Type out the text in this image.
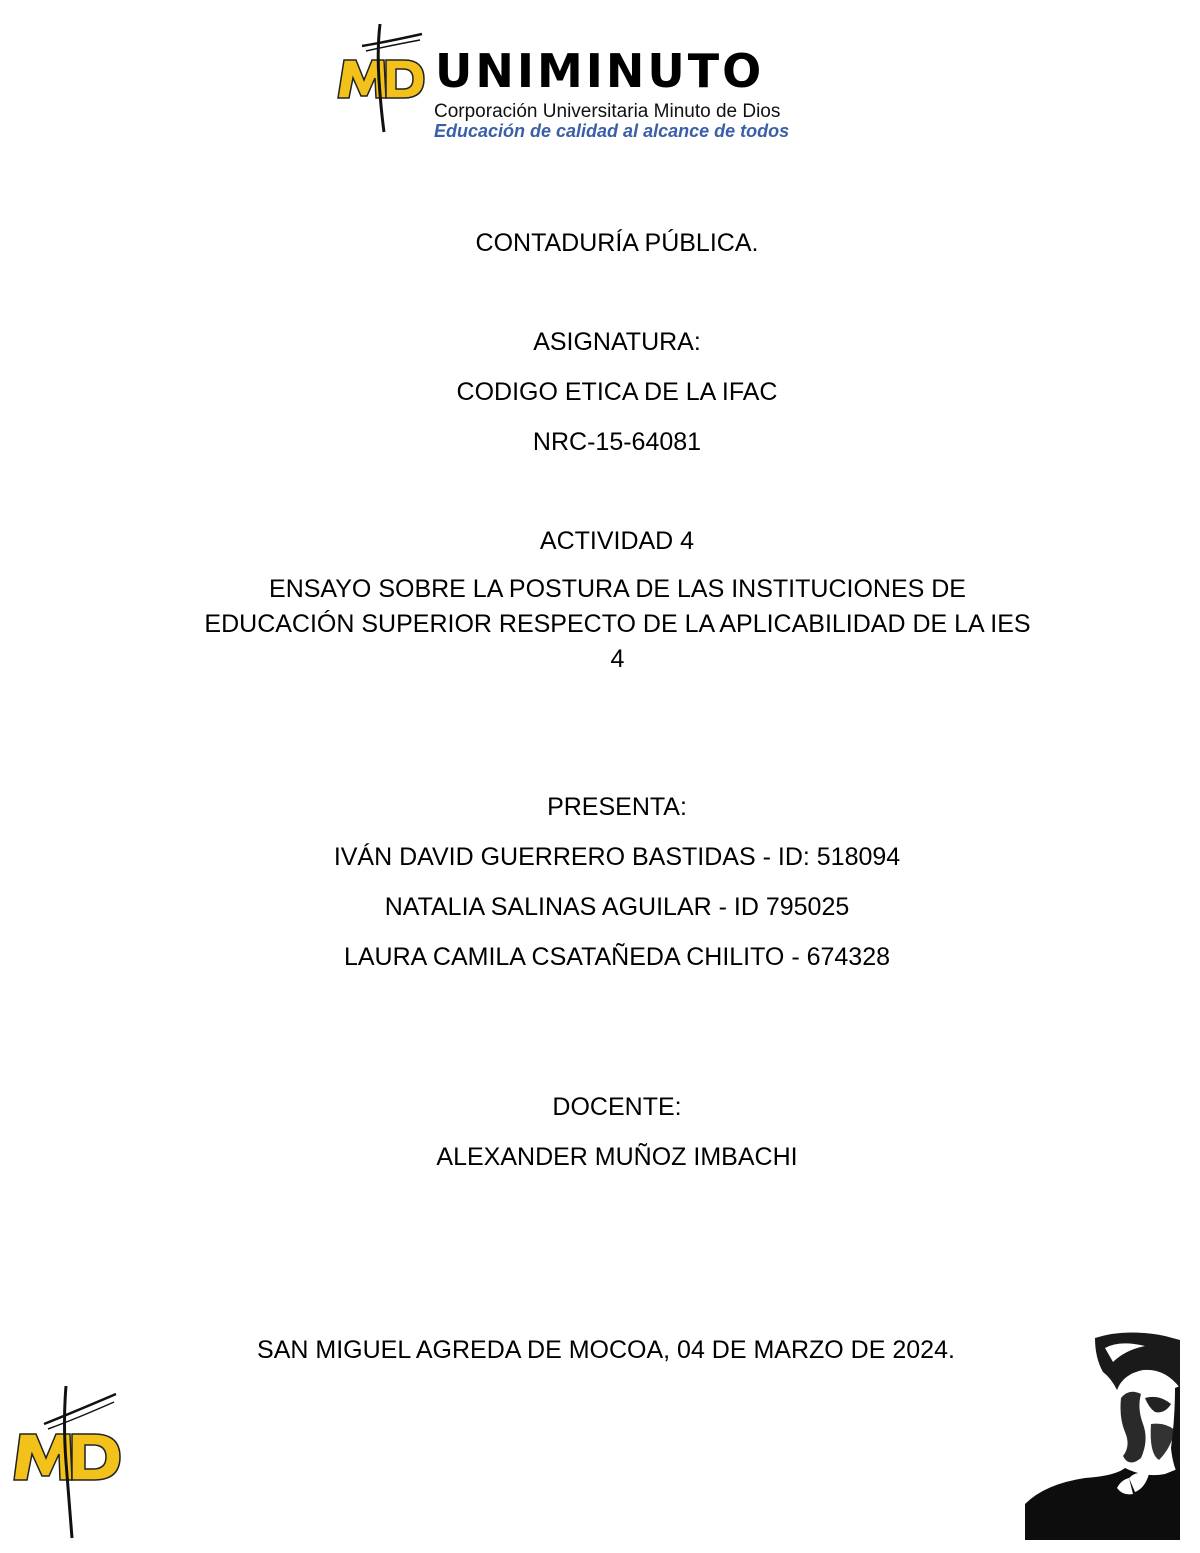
UNIMINUTO
Corporación Universitaria Minuto de Dios
Educación de calidad al alcance de todos
CONTADURÍA PÚBLICA.
ASIGNATURA:
CODIGO ETICA DE LA IFAC
NRC-15-64081
ACTIVIDAD 4
ENSAYO SOBRE LA POSTURA DE LAS INSTITUCIONES DE EDUCACIÓN SUPERIOR RESPECTO DE LA APLICABILIDAD DE LA IES 4
PRESENTA:
IVÁN DAVID GUERRERO BASTIDAS - ID: 518094
NATALIA SALINAS AGUILAR - ID 795025
LAURA CAMILA CSATAÑEDA CHILITO - 674328
DOCENTE:
ALEXANDER MUÑOZ IMBACHI
SAN MIGUEL AGREDA DE MOCOA, 04 DE MARZO DE 2024.
